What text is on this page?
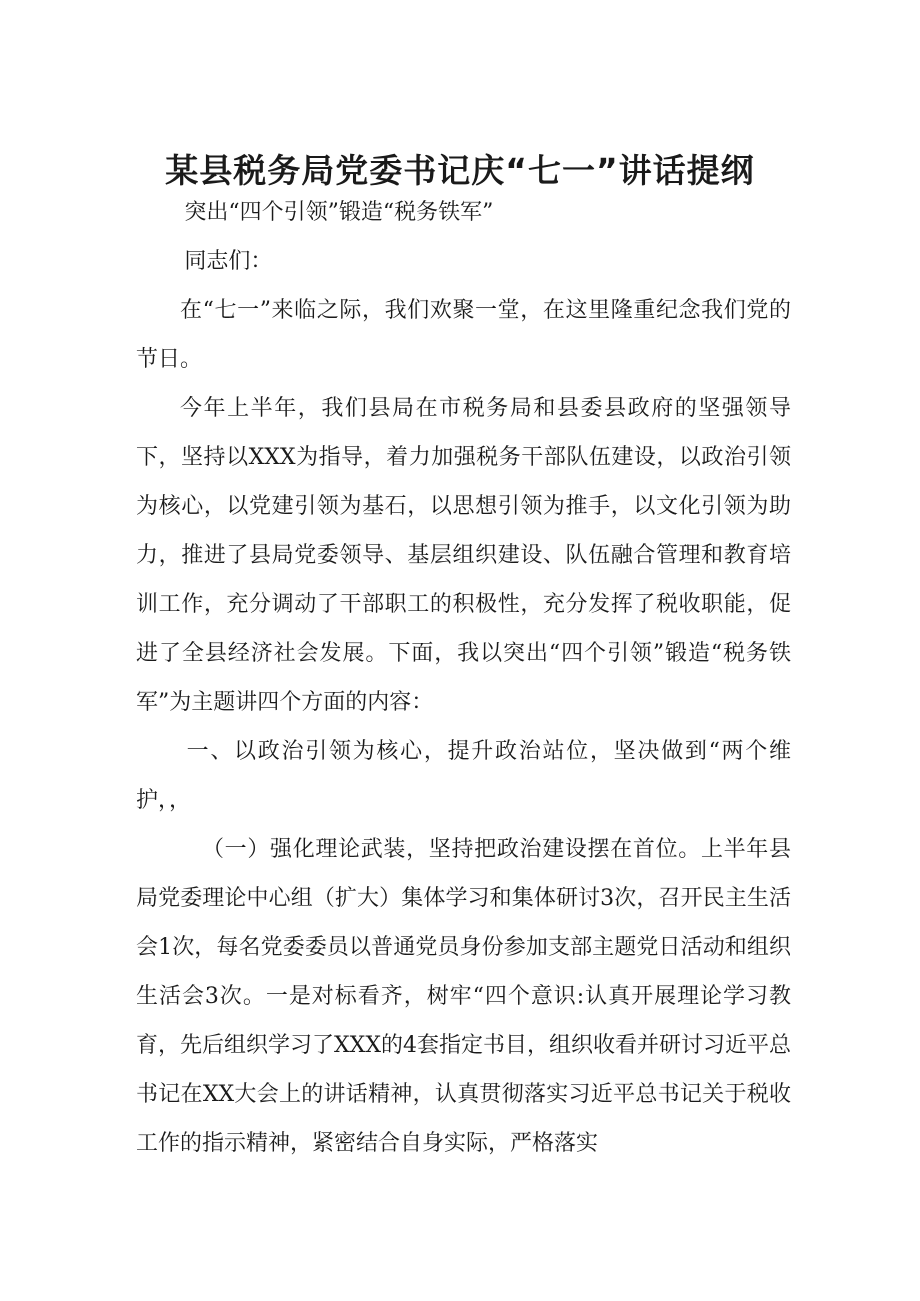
某县税务局党委书记庆“七一”讲话提纲

突出“四个引领”锻造“税务铁军”

同志们：

在“七一”来临之际，我们欢聚一堂，在这里隆重纪念我们党的节日。

今年上半年，我们县局在市税务局和县委县政府的坚强领导下，坚持以XXX为指导，着力加强税务干部队伍建设，以政治引领为核心，以党建引领为基石，以思想引领为推手，以文化引领为助力，推进了县局党委领导、基层组织建设、队伍融合管理和教育培训工作，充分调动了干部职工的积极性，充分发挥了税收职能，促进了全县经济社会发展。下面，我以突出“四个引领”锻造“税务铁军”为主题讲四个方面的内容：

一、以政治引领为核心，提升政治站位，坚决做到“两个维护，，

（一）强化理论武装，坚持把政治建设摆在首位。上半年县局党委理论中心组（扩大）集体学习和集体研讨3次，召开民主生活会1次，每名党委委员以普通党员身份参加支部主题党日活动和组织生活会3次。一是对标看齐，树牢“四个意识:认真开展理论学习教育，先后组织学习了XXX的4套指定书目，组织收看并研讨习近平总书记在XX大会上的讲话精神，认真贯彻落实习近平总书记关于税收工作的指示精神，紧密结合自身实际，严格落实
